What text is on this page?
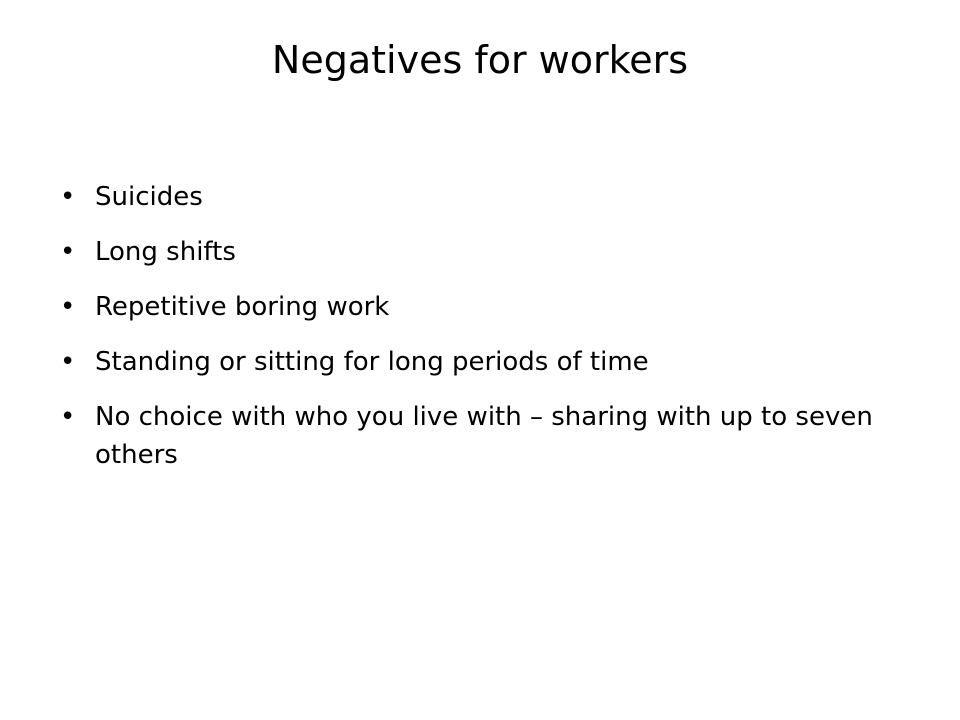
Negatives for workers
• Suicides
• Long shifts
• Repetitive boring work
• Standing or sitting for long periods of time
• No choice with who you live with – sharing with up to seven others
